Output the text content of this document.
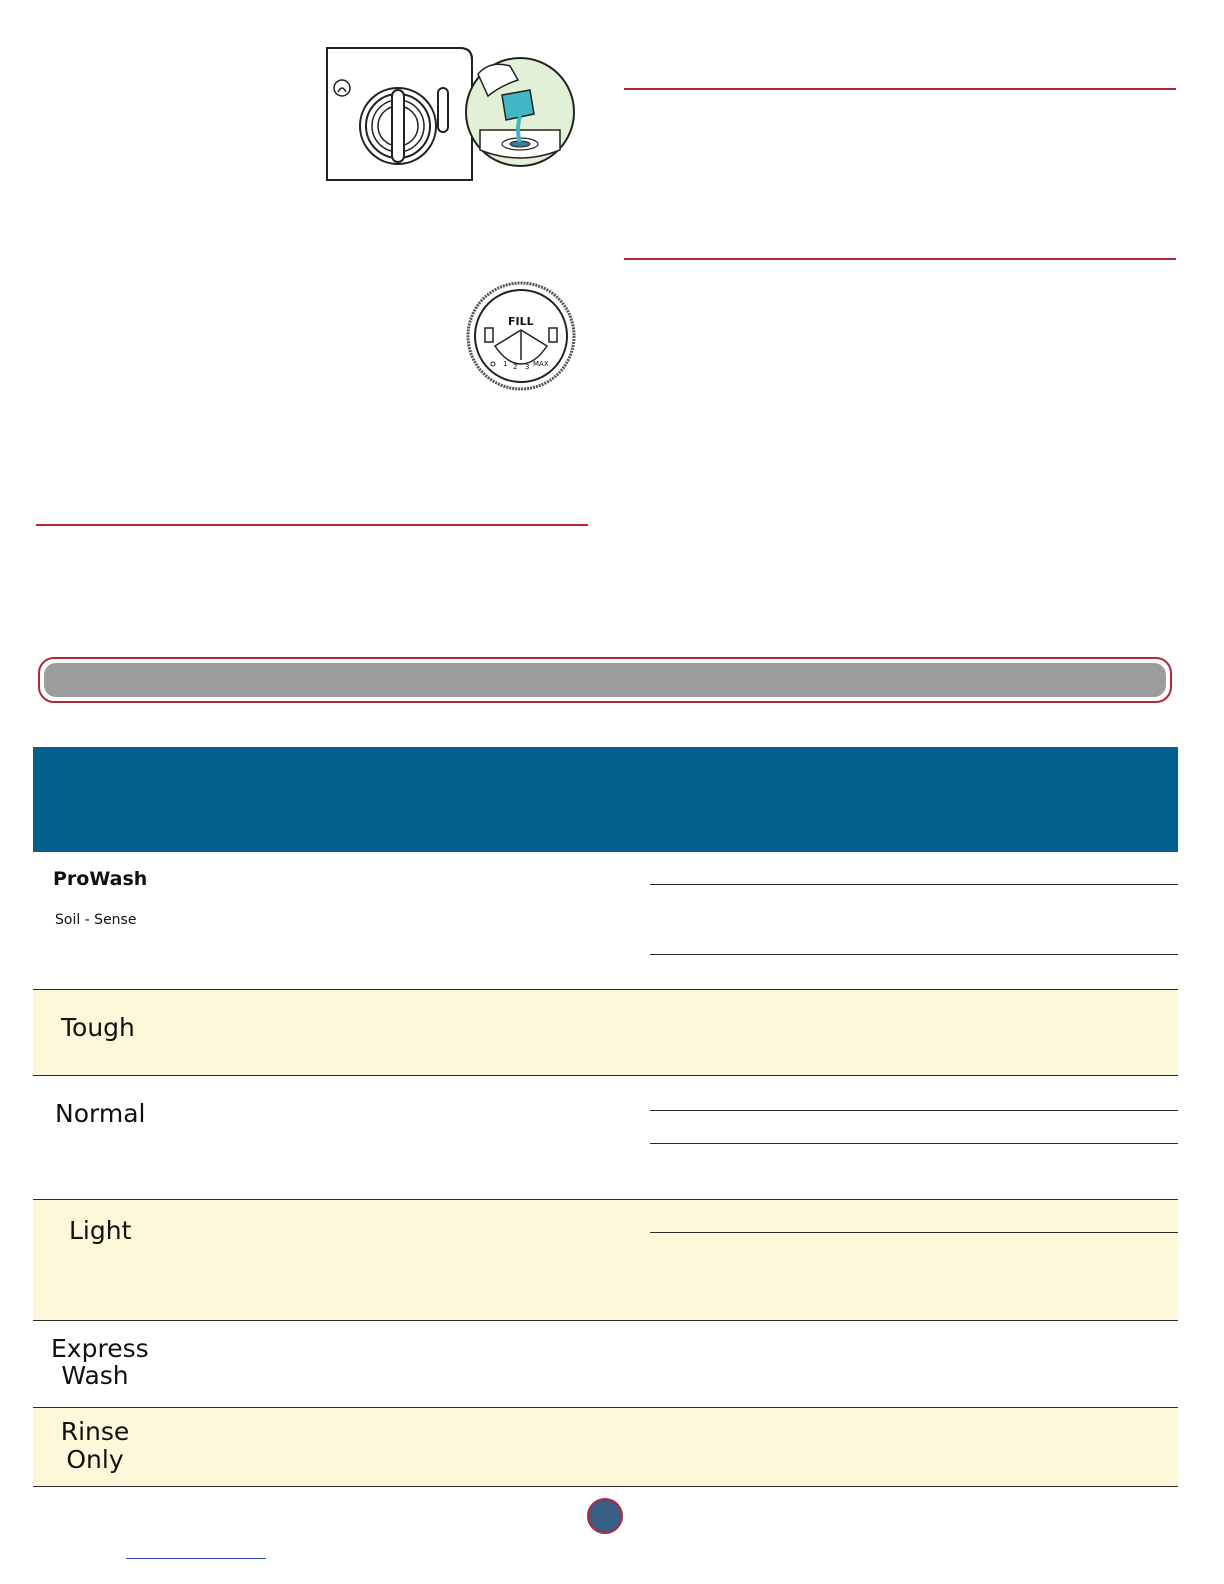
FILL
1 2 3 MAX
ProWash
Soil - Sense
Tough
Normal
Light
Express
Wash
Rinse
Only
